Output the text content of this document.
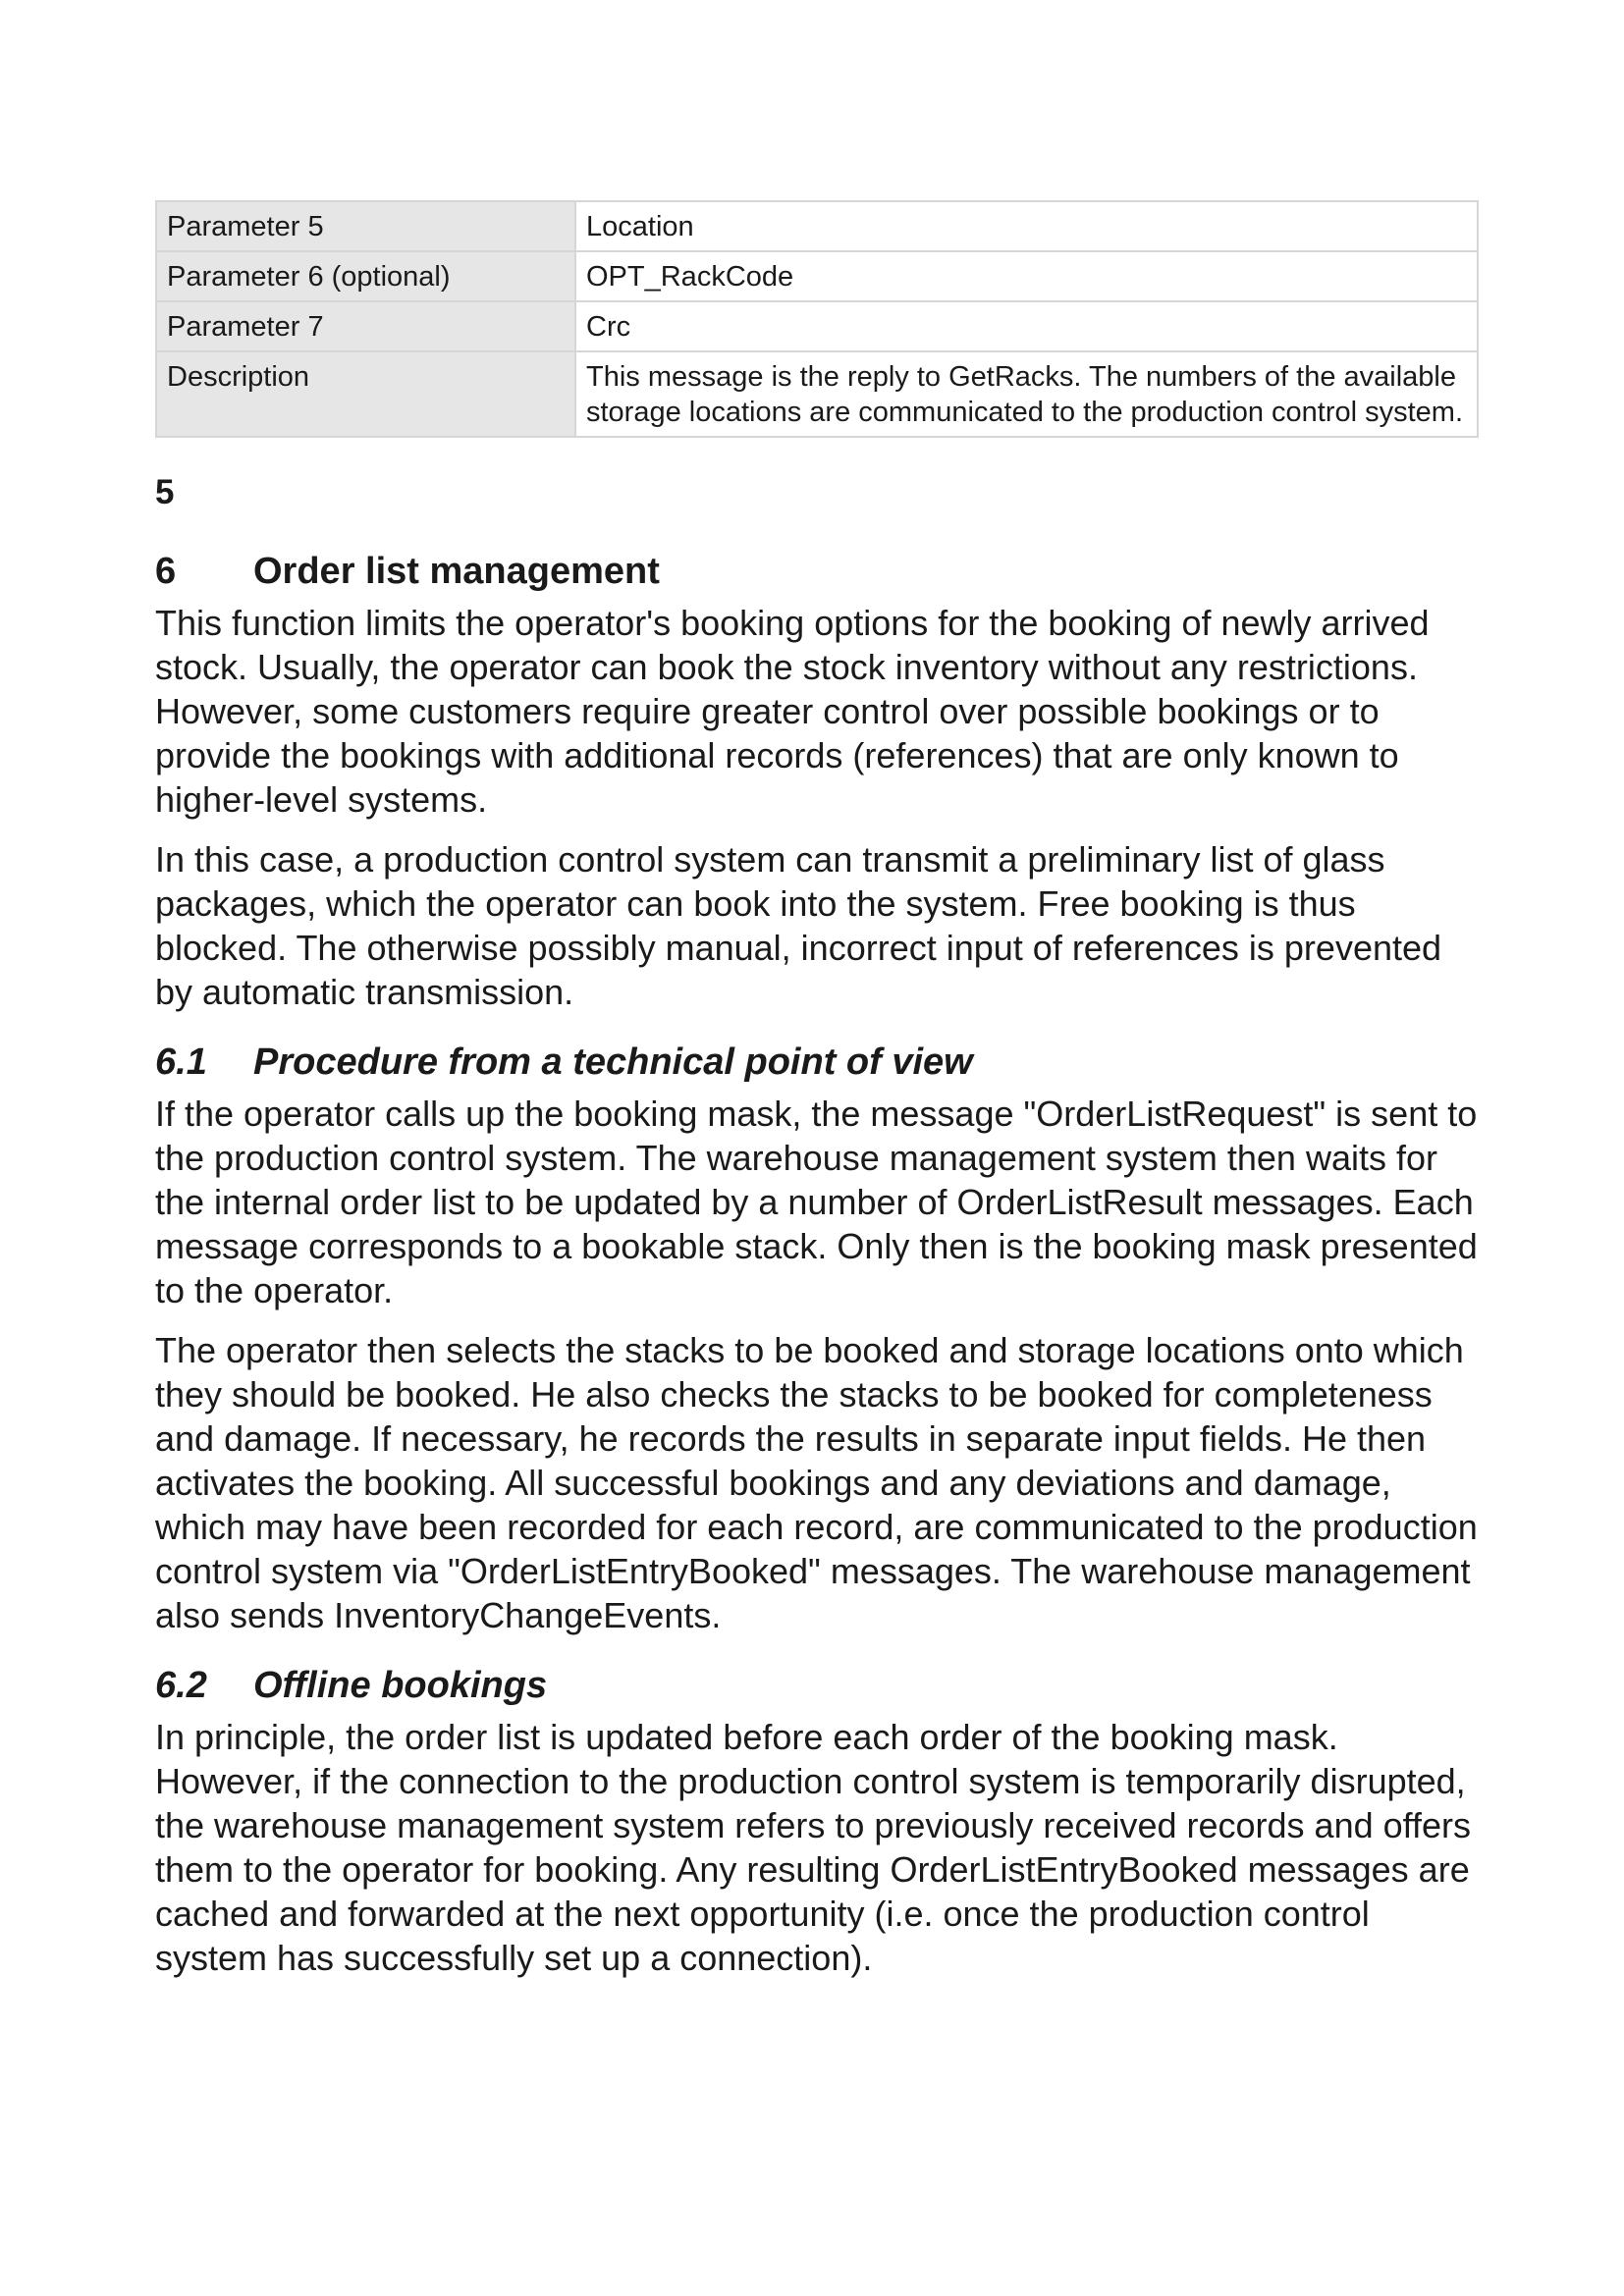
Parameter 5	Location
Parameter 6 (optional)	OPT_RackCode
Parameter 7	Crc
Description	This message is the reply to GetRacks. The numbers of the available storage locations are communicated to the production control system.
5
6	Order list management

This function limits the operator's booking options for the booking of newly arrived stock. Usually, the operator can book the stock inventory without any restrictions. However, some customers require greater control over possible bookings or to provide the bookings with additional records (references) that are only known to higher-level systems.

In this case, a production control system can transmit a preliminary list of glass packages, which the operator can book into the system. Free booking is thus blocked. The otherwise possibly manual, incorrect input of references is prevented by automatic transmission.

6.1	Procedure from a technical point of view

If the operator calls up the booking mask, the message "OrderListRequest" is sent to the production control system. The warehouse management system then waits for the internal order list to be updated by a number of OrderListResult messages. Each message corresponds to a bookable stack. Only then is the booking mask presented to the operator.

The operator then selects the stacks to be booked and storage locations onto which they should be booked. He also checks the stacks to be booked for completeness and damage. If necessary, he records the results in separate input fields. He then activates the booking. All successful bookings and any deviations and damage, which may have been recorded for each record, are communicated to the production control system via "OrderListEntryBooked" messages. The warehouse management also sends InventoryChangeEvents.

6.2	Offline bookings

In principle, the order list is updated before each order of the booking mask. However, if the connection to the production control system is temporarily disrupted, the warehouse management system refers to previously received records and offers them to the operator for booking. Any resulting OrderListEntryBooked messages are cached and forwarded at the next opportunity (i.e. once the production control system has successfully set up a connection).
